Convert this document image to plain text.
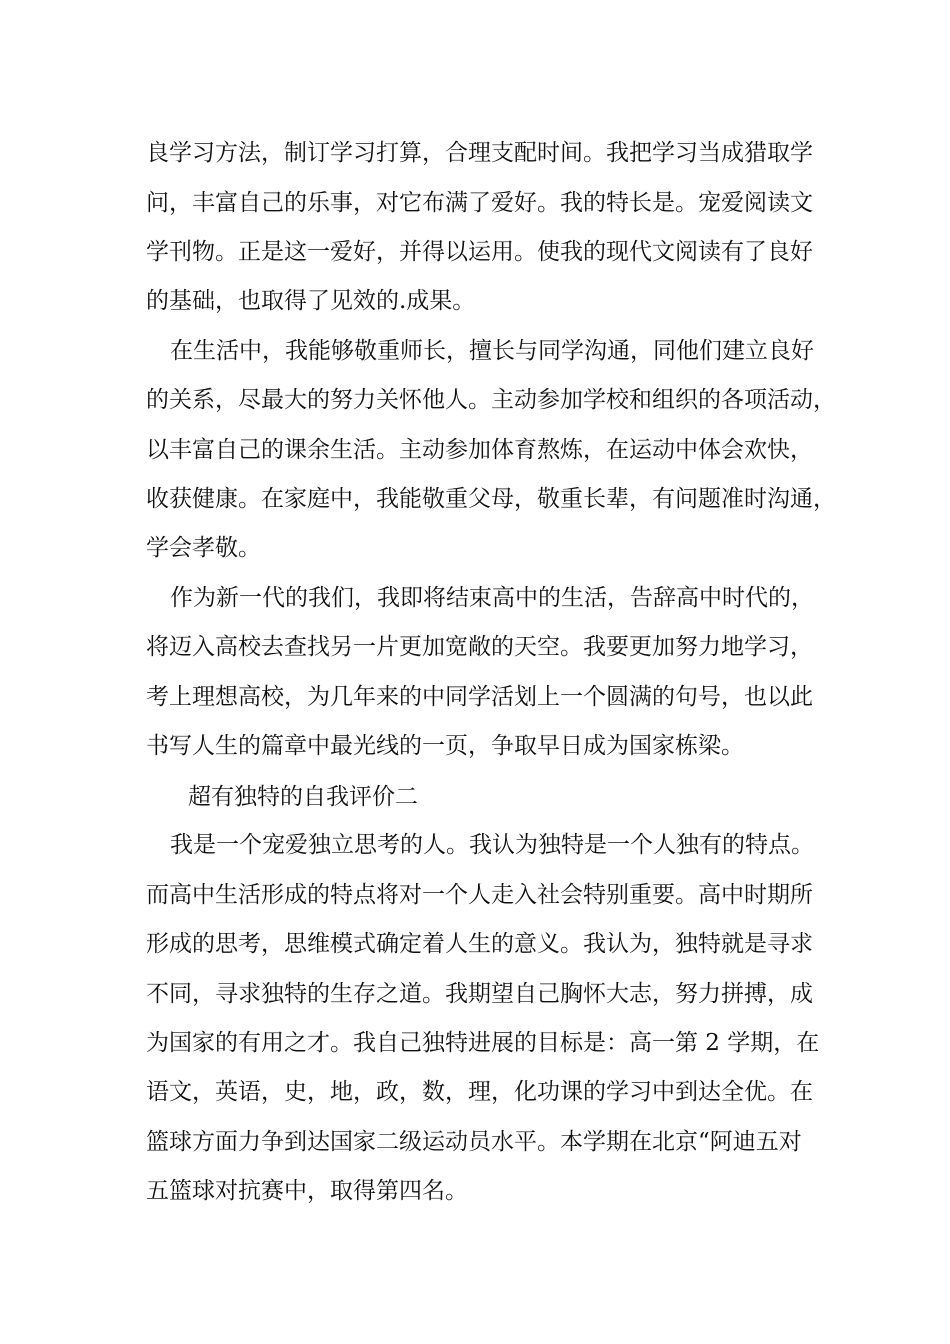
良学习方法，制订学习打算，合理支配时间。我把学习当成猎取学
问，丰富自己的乐事，对它布满了爱好。我的特长是。宠爱阅读文
学刊物。正是这一爱好，并得以运用。使我的现代文阅读有了良好
的基础，也取得了见效的.成果。
在生活中，我能够敬重师长，擅长与同学沟通，同他们建立良好
的关系，尽最大的努力关怀他人。主动参加学校和组织的各项活动，
以丰富自己的课余生活。主动参加体育熬炼，在运动中体会欢快，
收获健康。在家庭中，我能敬重父母，敬重长辈，有问题准时沟通，
学会孝敬。
作为新一代的我们，我即将结束高中的生活，告辞高中时代的，
将迈入高校去查找另一片更加宽敞的天空。我要更加努力地学习，
考上理想高校，为几年来的中同学活划上一个圆满的句号，也以此
书写人生的篇章中最光线的一页，争取早日成为国家栋梁。
超有独特的自我评价二
我是一个宠爱独立思考的人。我认为独特是一个人独有的特点。
而高中生活形成的特点将对一个人走入社会特别重要。高中时期所
形成的思考，思维模式确定着人生的意义。我认为，独特就是寻求
不同，寻求独特的生存之道。我期望自己胸怀大志，努力拼搏，成
为国家的有用之才。我自己独特进展的目标是：高一第 2 学期，在
语文，英语，史，地，政，数，理，化功课的学习中到达全优。在
篮球方面力争到达国家二级运动员水平。本学期在北京“阿迪五对
五篮球对抗赛中，取得第四名。
